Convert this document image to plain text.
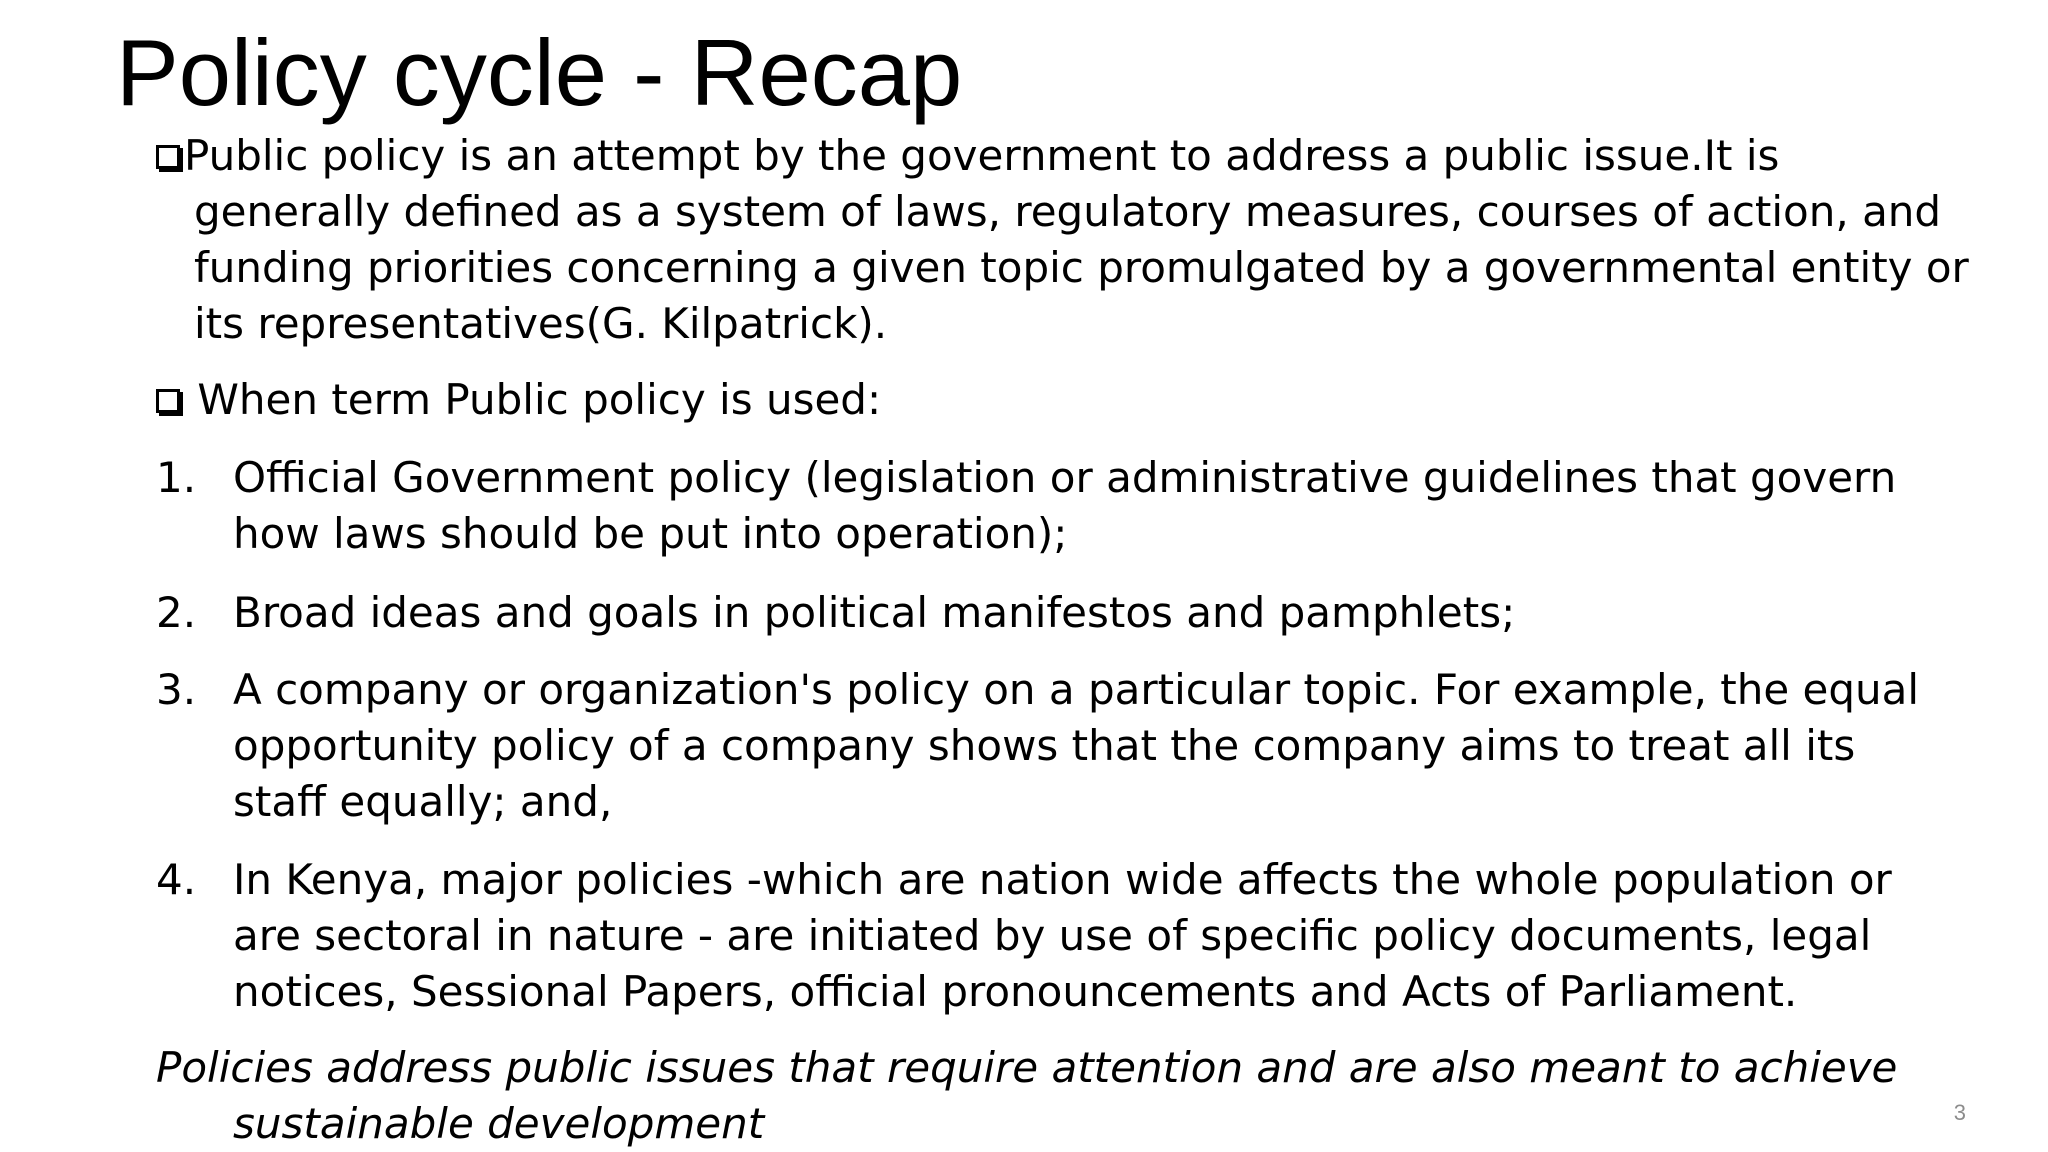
Policy cycle - Recap

Public policy is an attempt by the government to address a public issue.It is generally defined as a system of laws, regulatory measures, courses of action, and funding priorities concerning a given topic promulgated by a governmental entity or its representatives(G. Kilpatrick).

When term Public policy is used:

1. Official Government policy (legislation or administrative guidelines that govern how laws should be put into operation);
2. Broad ideas and goals in political manifestos and pamphlets;
3. A company or organization's policy on a particular topic. For example, the equal opportunity policy of a company shows that the company aims to treat all its staff equally; and,
4. In Kenya, major policies -which are nation wide affects the whole population or are sectoral in nature - are initiated by use of specific policy documents, legal notices, Sessional Papers, official pronouncements and Acts of Parliament.

Policies address public issues that require attention and are also meant to achieve sustainable development	3
